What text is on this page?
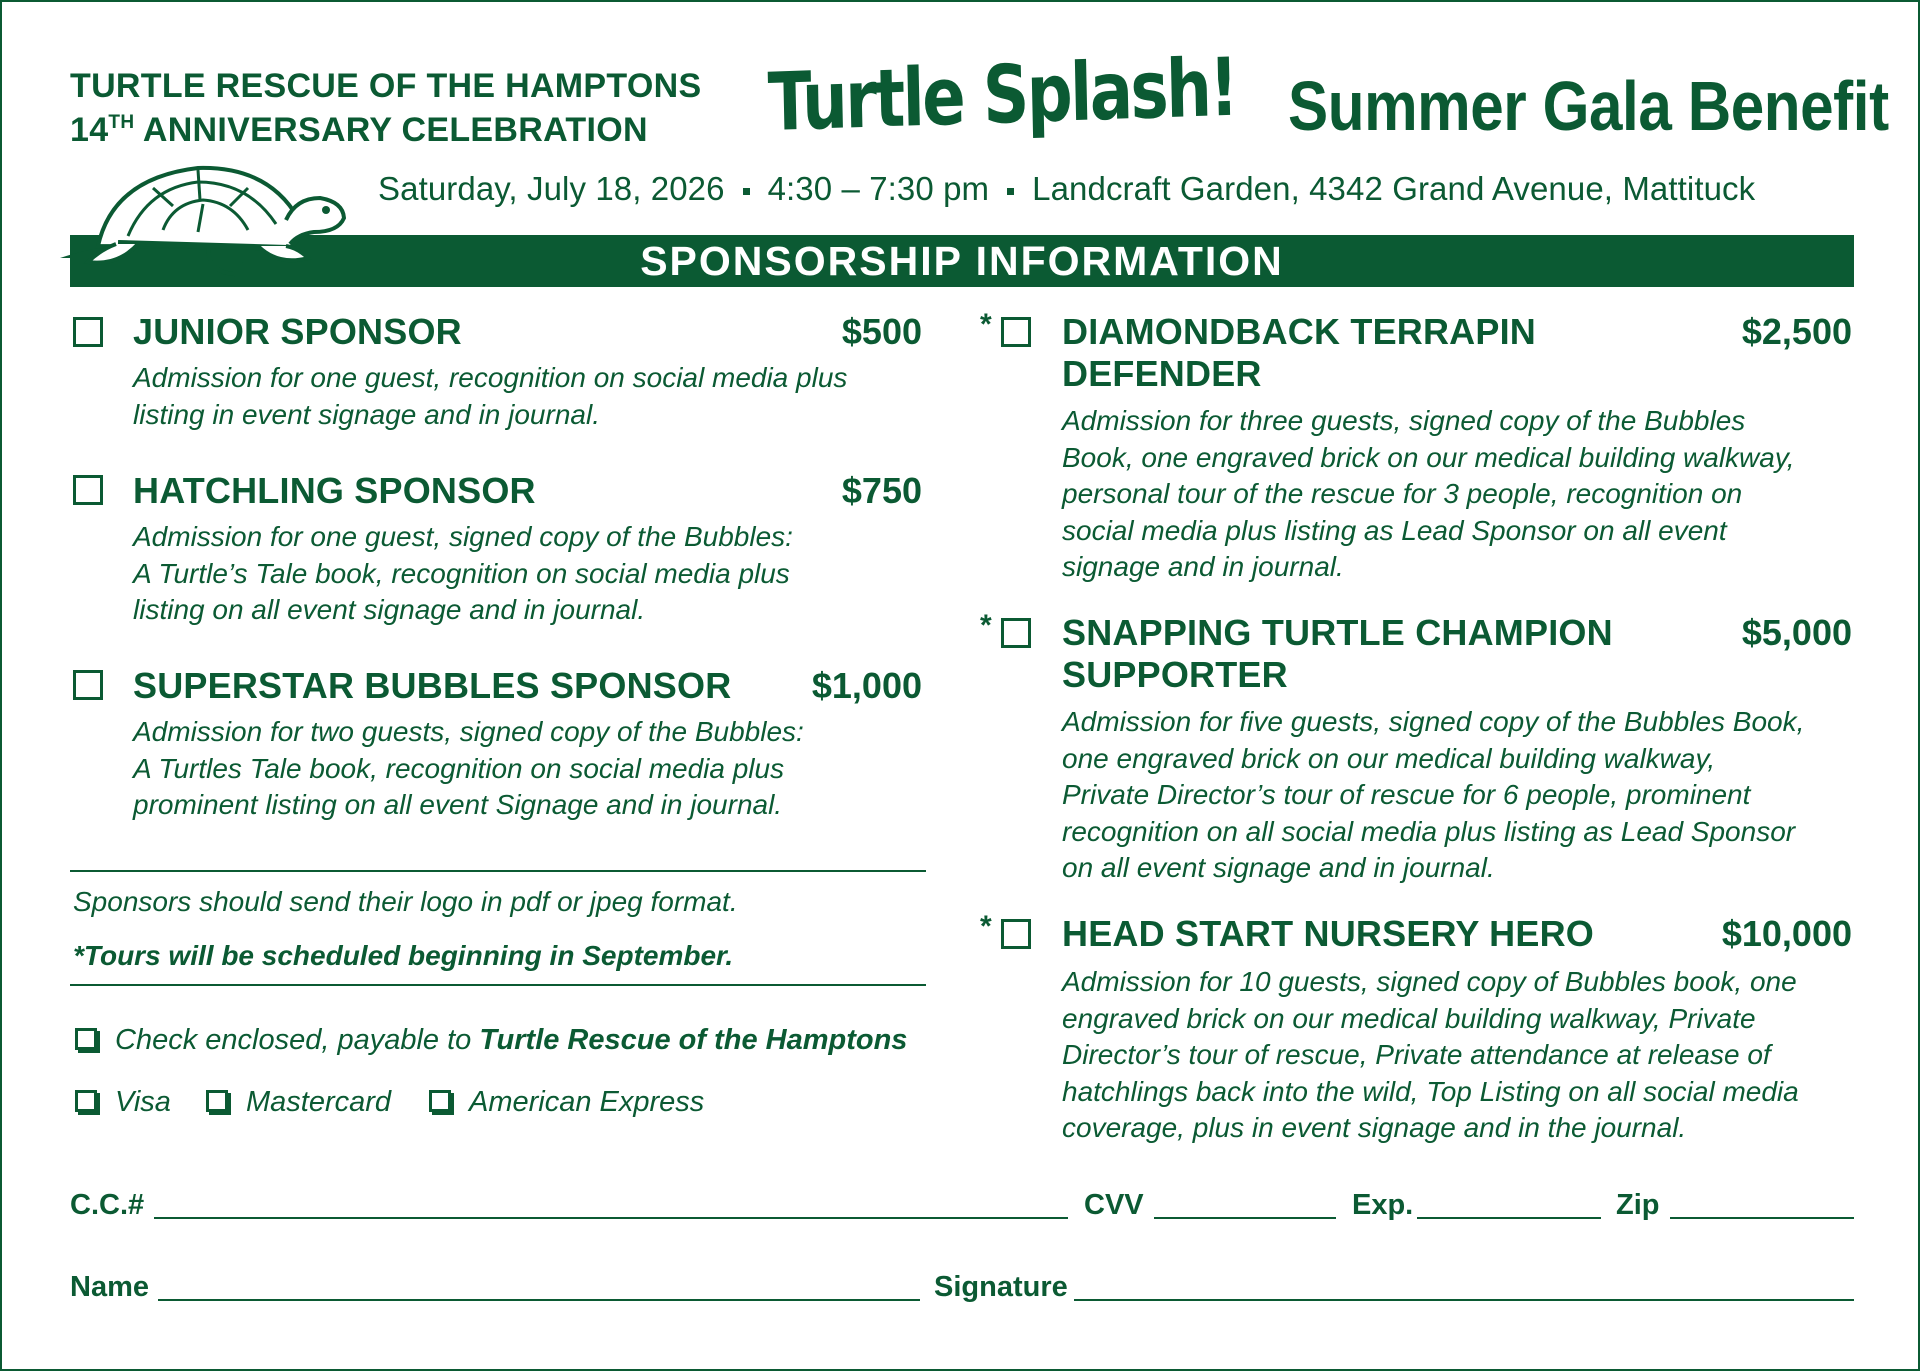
TURTLE RESCUE OF THE HAMPTONS
14TH ANNIVERSARY CELEBRATION	Turtle Splash! Summer Gala Benefit
Saturday, July 18, 2026 4:30 – 7:30 pm Landcraft Garden, 4342 Grand Avenue, Mattituck
SPONSORSHIP INFORMATION
JUNIOR SPONSOR	$500
Admission for one guest, recognition on social media plus
listing in event signage and in journal.
HATCHLING SPONSOR	$750
Admission for one guest, signed copy of the Bubbles:
A Turtle’s Tale book, recognition on social media plus
listing on all event signage and in journal.
SUPERSTAR BUBBLES SPONSOR	$1,000
Admission for two guests, signed copy of the Bubbles:
A Turtles Tale book, recognition on social media plus
prominent listing on all event Signage and in journal.
Sponsors should send their logo in pdf or jpeg format.
*Tours will be scheduled beginning in September.
Check enclosed, payable to Turtle Rescue of the Hamptons
Visa	Mastercard	American Express
* DIAMONDBACK TERRAPIN
DEFENDER
$2,500
Admission for three guests, signed copy of the Bubbles
Book, one engraved brick on our medical building walkway,
personal tour of the rescue for 3 people, recognition on
social media plus listing as Lead Sponsor on all event
signage and in journal.
* SNAPPING TURTLE CHAMPION
SUPPORTER
$5,000
Admission for five guests, signed copy of the Bubbles Book,
one engraved brick on our medical building walkway,
Private Director’s tour of rescue for 6 people, prominent
recognition on all social media plus listing as Lead Sponsor
on all event signage and in journal.
* HEAD START NURSERY HERO	$10,000
Admission for 10 guests, signed copy of Bubbles book, one
engraved brick on our medical building walkway, Private
Director’s tour of rescue, Private attendance at release of
hatchlings back into the wild, Top Listing on all social media
coverage, plus in event signage and in the journal.
C.C.#	CVV	Exp.	Zip
Name	Signature
